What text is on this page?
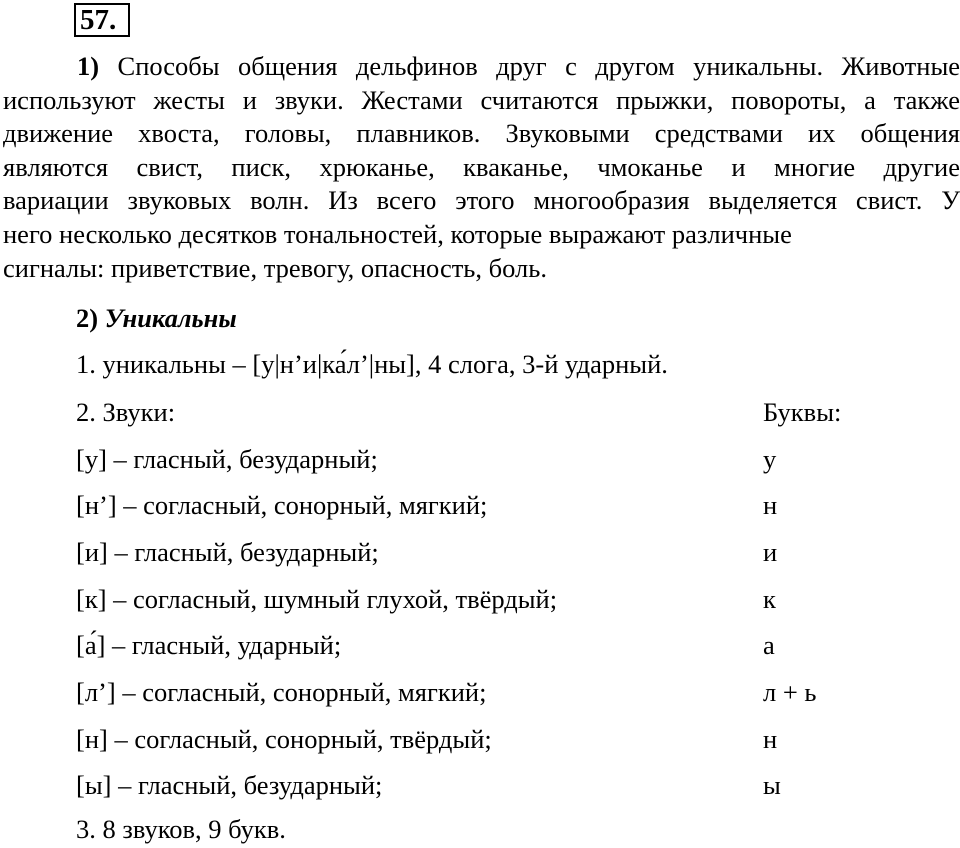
57.

1) Способы общения дельфинов друг с другом уникальны. Животные
используют жесты и звуки. Жестами считаются прыжки, повороты, а также
движение хвоста, головы, плавников. Звуковыми средствами их общения
являются свист, писк, хрюканье, кваканье, чмоканье и многие другие
вариации звуковых волн. Из всего этого многообразия выделяется свист. У
него несколько десятков тональностей, которые выражают различные
сигналы: приветствие, тревогу, опасность, боль.

2) Уникальны
1. уникальны – [у|н’и|ка́л’|ны], 4 слога, 3-й ударный.
2. Звуки:	Буквы:
[у] – гласный, безударный;	у
[н’] – согласный, сонорный, мягкий;	н
[и] – гласный, безударный;	и
[к] – согласный, шумный глухой, твёрдый;	к
[а́] – гласный, ударный;	а
[л’] – согласный, сонорный, мягкий;	л + ь
[н] – согласный, сонорный, твёрдый;	н
[ы] – гласный, безударный;	ы
3. 8 звуков, 9 букв.
